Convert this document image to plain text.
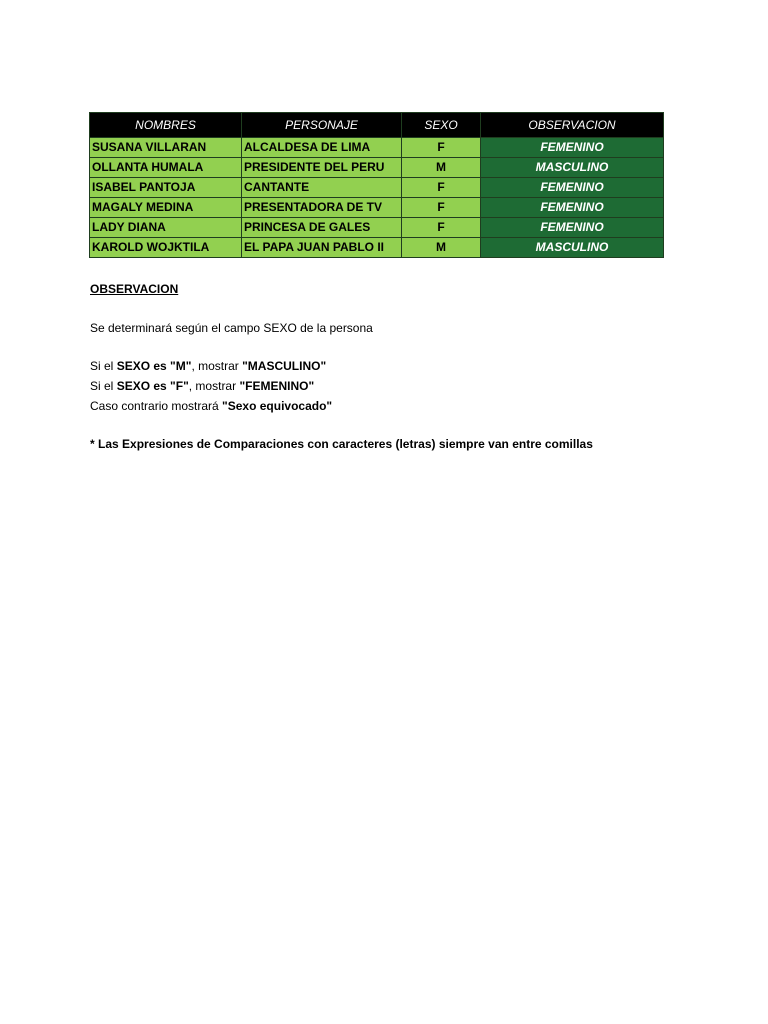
NOMBRES	PERSONAJE	SEXO	OBSERVACION
SUSANA VILLARAN	ALCALDESA DE LIMA	F	FEMENINO
OLLANTA HUMALA	PRESIDENTE DEL PERU	M	MASCULINO
ISABEL PANTOJA	CANTANTE	F	FEMENINO
MAGALY MEDINA	PRESENTADORA DE TV	F	FEMENINO
LADY DIANA	PRINCESA DE GALES	F	FEMENINO
KAROLD WOJKTILA	EL PAPA JUAN PABLO II	M	MASCULINO

OBSERVACION

Se determinará según el campo SEXO de la persona

Si el SEXO es "M", mostrar "MASCULINO"

Si el SEXO es "F", mostrar "FEMENINO"

Caso contrario mostrará "Sexo equivocado"

* Las Expresiones de Comparaciones con caracteres (letras) siempre van entre comillas
